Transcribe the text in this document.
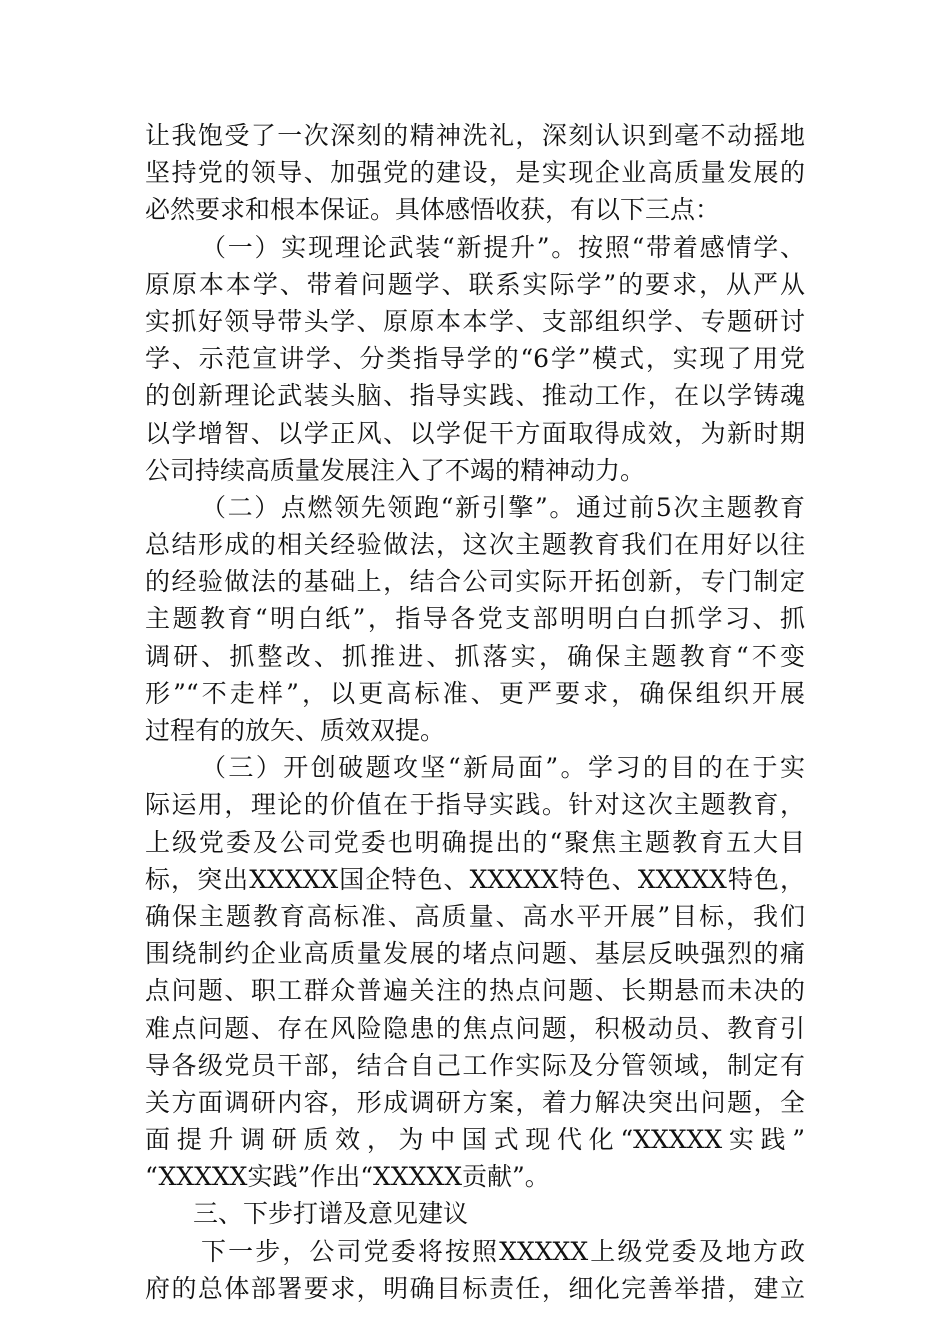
让我饱受了一次深刻的精神洗礼，深刻认识到毫不动摇地
坚持党的领导、加强党的建设，是实现企业高质量发展的
必然要求和根本保证。具体感悟收获，有以下三点：
（一）实现理论武装“新提升”。按照“带着感情学、
原原本本学、带着问题学、联系实际学”的要求，从严从
实抓好领导带头学、原原本本学、支部组织学、专题研讨
学、示范宣讲学、分类指导学的“6学”模式，实现了用党
的创新理论武装头脑、指导实践、推动工作，在以学铸魂
以学增智、以学正风、以学促干方面取得成效，为新时期
公司持续高质量发展注入了不竭的精神动力。
（二）点燃领先领跑“新引擎”。通过前5次主题教育
总结形成的相关经验做法，这次主题教育我们在用好以往
的经验做法的基础上，结合公司实际开拓创新，专门制定
主题教育“明白纸”，指导各党支部明明白白抓学习、抓
调研、抓整改、抓推进、抓落实，确保主题教育“不变
形”“不走样”，以更高标准、更严要求，确保组织开展
过程有的放矢、质效双提。
（三）开创破题攻坚“新局面”。学习的目的在于实
际运用，理论的价值在于指导实践。针对这次主题教育，
上级党委及公司党委也明确提出的“聚焦主题教育五大目
标，突出XXXXX国企特色、XXXXX特色、XXXXX特色，
确保主题教育高标准、高质量、高水平开展”目标，我们
围绕制约企业高质量发展的堵点问题、基层反映强烈的痛
点问题、职工群众普遍关注的热点问题、长期悬而未决的
难点问题、存在风险隐患的焦点问题，积极动员、教育引
导各级党员干部，结合自己工作实际及分管领域，制定有
关方面调研内容，形成调研方案，着力解决突出问题，全
面提升调研质效，为中国式现代化“XXXXX实践”
“XXXXX实践”作出“XXXXX贡献”。
三、下步打谱及意见建议
下一步，公司党委将按照XXXXX上级党委及地方政
府的总体部署要求，明确目标责任，细化完善举措，建立
